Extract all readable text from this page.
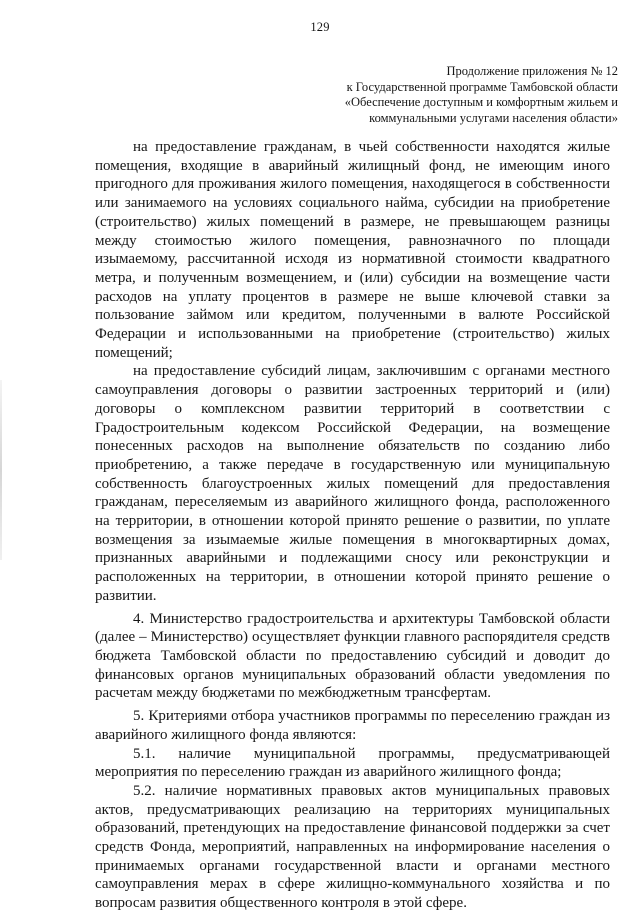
129
Продолжение приложения № 12
к Государственной программе Тамбовской области
«Обеспечение доступным и комфортным жильем и
коммунальными услугами населения области»

на предоставление гражданам, в чьей собственности находятся жилые помещения, входящие в аварийный жилищный фонд, не имеющим иного пригодного для проживания жилого помещения, находящегося в собственности или занимаемого на условиях социального найма, субсидии на приобретение (строительство) жилых помещений в размере, не превышающем разницы между стоимостью жилого помещения, равнозначного по площади изымаемому, рассчитанной исходя из нормативной стоимости квадратного метра, и полученным возмещением, и (или) субсидии на возмещение части расходов на уплату процентов в размере не выше ключевой ставки за пользование займом или кредитом, полученными в валюте Российской Федерации и использованными на приобретение (строительство) жилых помещений;

на предоставление субсидий лицам, заключившим с органами местного самоуправления договоры о развитии застроенных территорий и (или) договоры о комплексном развитии территорий в соответствии с Градостроительным кодексом Российской Федерации, на возмещение понесенных расходов на выполнение обязательств по созданию либо приобретению, а также передаче в государственную или муниципальную собственность благоустроенных жилых помещений для предоставления гражданам, переселяемым из аварийного жилищного фонда, расположенного на территории, в отношении которой принято решение о развитии, по уплате возмещения за изымаемые жилые помещения в многоквартирных домах, признанных аварийными и подлежащими сносу или реконструкции и расположенных на территории, в отношении которой принято решение о развитии.

4. Министерство градостроительства и архитектуры Тамбовской области (далее – Министерство) осуществляет функции главного распорядителя средств бюджета Тамбовской области по предоставлению субсидий и доводит до финансовых органов муниципальных образований области уведомления по расчетам между бюджетами по межбюджетным трансфертам.

5. Критериями отбора участников программы по переселению граждан из аварийного жилищного фонда являются:

5.1. наличие муниципальной программы, предусматривающей мероприятия по переселению граждан из аварийного жилищного фонда;

5.2. наличие нормативных правовых актов муниципальных правовых актов, предусматривающих реализацию на территориях муниципальных образований, претендующих на предоставление финансовой поддержки за счет средств Фонда, мероприятий, направленных на информирование населения о принимаемых органами государственной власти и органами местного самоуправления мерах в сфере жилищно-коммунального хозяйства и по вопросам развития общественного контроля в этой сфере.
